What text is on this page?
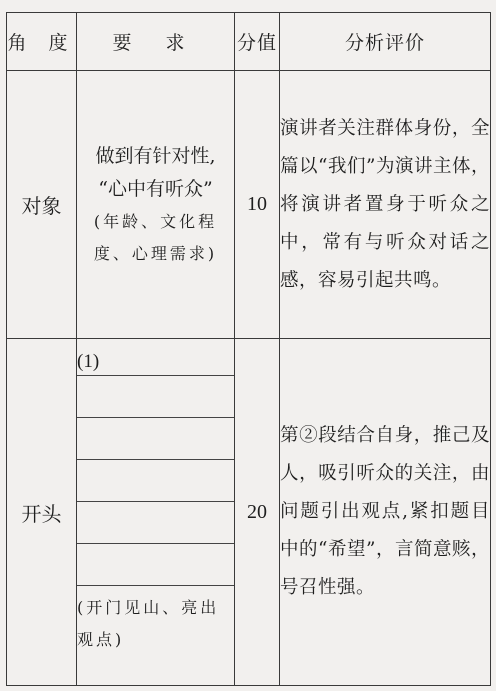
角 度	要 求	分值	分析评价
对象	做到有针对性,
“心中有听众”
(年龄、文化程度、心理需求)	10	演讲者关注群体身份，全篇以“我们”为演讲主体，将演讲者置身于听众之中，常有与听众对话之感，容易引起共鸣。
开头	(1)
(开门见山、亮出观点)	20	第②段结合自身，推己及人，吸引听众的关注，由问题引出观点,紧扣题目中的“希望”，言简意赅，号召性强。
